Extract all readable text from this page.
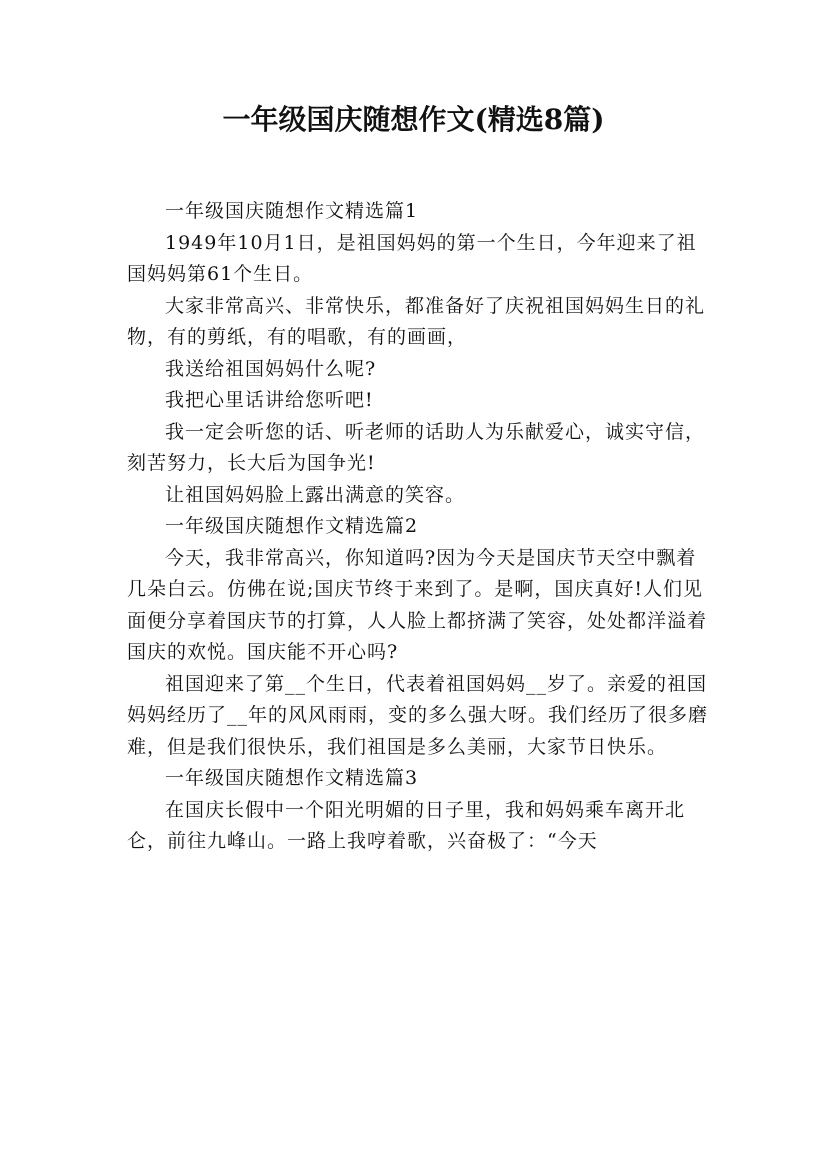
一年级国庆随想作文(精选8篇)

一年级国庆随想作文精选篇1

1949年10月1日，是祖国妈妈的第一个生日，今年迎来了祖国妈妈第61个生日。

大家非常高兴、非常快乐，都准备好了庆祝祖国妈妈生日的礼物，有的剪纸，有的唱歌，有的画画，

我送给祖国妈妈什么呢?

我把心里话讲给您听吧!

我一定会听您的话、听老师的话助人为乐献爱心，诚实守信，刻苦努力，长大后为国争光!

让祖国妈妈脸上露出满意的笑容。

一年级国庆随想作文精选篇2

今天，我非常高兴，你知道吗?因为今天是国庆节天空中飘着几朵白云。仿佛在说;国庆节终于来到了。是啊，国庆真好!人们见面便分享着国庆节的打算，人人脸上都挤满了笑容，处处都洋溢着国庆的欢悦。国庆能不开心吗?

祖国迎来了第__个生日，代表着祖国妈妈__岁了。亲爱的祖国妈妈经历了__年的风风雨雨，变的多么强大呀。我们经历了很多磨难，但是我们很快乐，我们祖国是多么美丽，大家节日快乐。

一年级国庆随想作文精选篇3

在国庆长假中一个阳光明媚的日子里，我和妈妈乘车离开北仑，前往九峰山。一路上我哼着歌，兴奋极了：“今天
